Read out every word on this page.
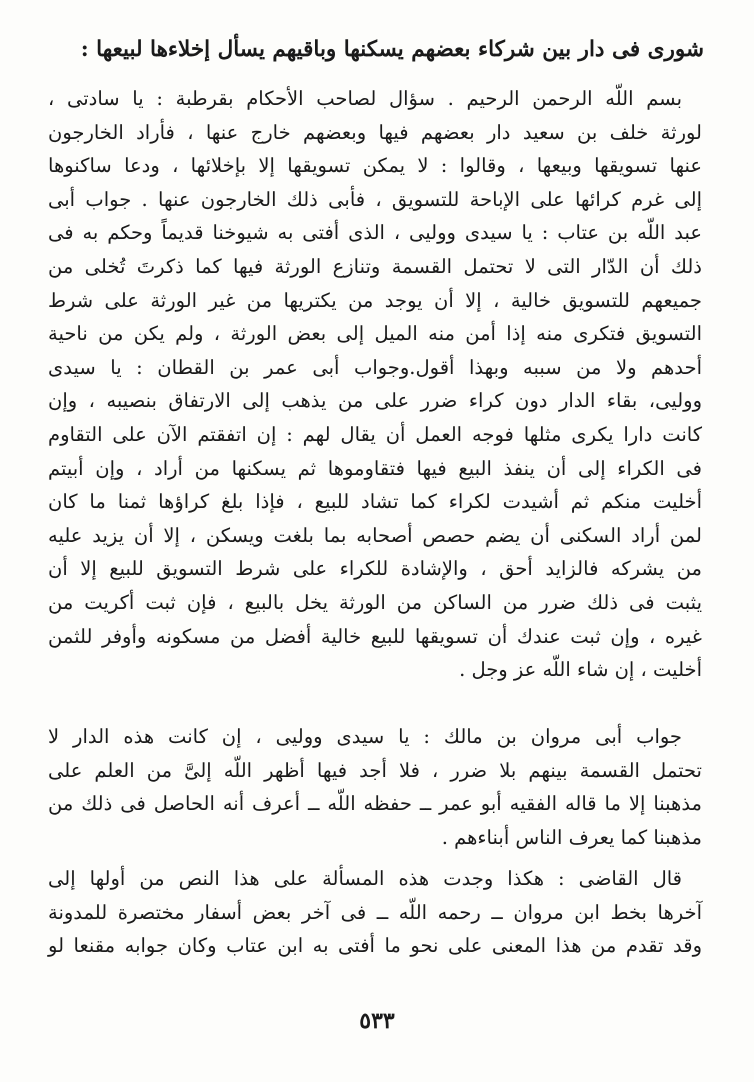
شورى فى دار بين شركاء بعضهم يسكنها وباقيهم يسأل إخلاءها لبيعها :
بسم اللّه الرحمن الرحيم . سؤال لصاحب الأحكام بقرطبة : يا سادتى ،
لورثة خلف بن سعيد دار بعضهم فيها وبعضهم خارج عنها ، فأراد الخارجون
عنها تسويقها وبيعها ، وقالوا : لا يمكن تسويقها إلا بإخلائها ، ودعا ساكنوها
إلى غرم كرائها على الإباحة للتسويق ، فأبى ذلك الخارجون عنها . جواب أبى
عبد اللّه بن عتاب : يا سيدى وولیی ، الذى أفتى به شيوخنا قديماً وحكم به فى
ذلك أن الدّار التى لا تحتمل القسمة وتنازع الورثة فيها كما ذكرتَ تُخلى من
جميعهم للتسويق خالية ، إلا أن يوجد من يكتريها من غير الورثة على شرط
التسويق فتكرى منه إذا أمن منه الميل إلى بعض الورثة ، ولم يكن من ناحية
أحدهم ولا من سببه وبهذا أقول.وجواب أبى عمر بن القطان : يا سيدى
وولیی، بقاء الدار دون كراء ضرر على من يذهب إلى الارتفاق بنصيبه ، وإن
كانت دارا يكرى مثلها فوجه العمل أن يقال لهم : إن اتفقتم الآن على التقاوم
فى الكراء إلى أن ينفذ البيع فيها فتقاوموها ثم يسكنها من أراد ، وإن أبيتم
أخليت منكم ثم أشيدت لكراء كما تشاد للبيع ، فإذا بلغ كراؤها ثمنا ما كان
لمن أراد السكنى أن يضم حصص أصحابه بما بلغت ويسكن ، إلا أن يزيد عليه
من يشركه فالزايد أحق ، والإشادة للكراء على شرط التسويق للبيع إلا أن
يثبت فى ذلك ضرر من الساكن من الورثة يخل بالبيع ، فإن ثبت أكريت من
غيره ، وإن ثبت عندك أن تسويقها للبيع خالية أفضل من مسكونه وأوفر للثمن
أخليت ، إن شاء اللّه عز وجل .
جواب أبى مروان بن مالك : يا سيدى وولیی ، إن كانت هذه الدار لا
تحتمل القسمة بينهم بلا ضرر ، فلا أجد فيها أظهر اللّه إلىَّ من العلم على
مذهبنا إلا ما قاله الفقيه أبو عمر ــ حفظه اللّه ــ أعرف أنه الحاصل فى ذلك من
مذهبنا كما يعرف الناس أبناءهم .
قال القاضى : هكذا وجدت هذه المسألة على هذا النص من أولها إلى
آخرها بخط ابن مروان ــ رحمه اللّه ــ فى آخر بعض أسفار مختصرة للمدونة
وقد تقدم من هذا المعنى على نحو ما أفتى به ابن عتاب وكان جوابه مقنعا لو
٥٣٣
